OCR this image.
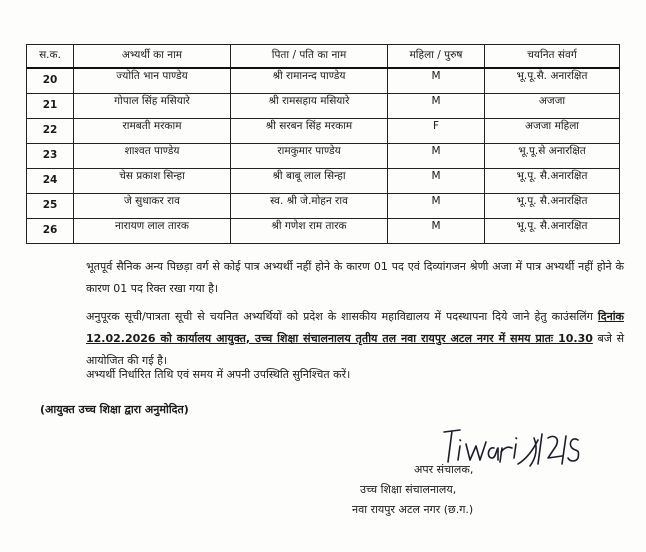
स.क.	अभ्यर्थी का नाम	पिता / पति का नाम	महिला / पुरुष	चयनित संवर्ग
20	ज्योति भान पाण्डेय	श्री रामानन्द पाण्डेय	M	भू.पू.सै. अनारक्षित

21	गोपाल सिंह मसियारे	श्री रामसहाय मसियारे	M	अजजा

22	रामबती मरकाम	श्री सरबन सिंह मरकाम	F	अजजा महिला

23	शाश्वत पाण्डेय	रामकुमार पाण्डेय	M	भू.पू.से अनारक्षित

24	चेस प्रकाश सिन्हा	श्री बाबू लाल सिन्हा	M	भू.पू. सै.अनारक्षित

25	जे सुधाकर राव	स्व. श्री जे.मोहन राव	M	भू.पू. सै.अनारक्षित

26	नारायण लाल तारक	श्री गणेश राम तारक	M	भू.पू. सै.अनारक्षित
भूतपूर्व सैनिक अन्य पिछड़ा वर्ग से कोई पात्र अभ्यर्थी नहीं होने के कारण 01 पद एवं दिव्यांगजन श्रेणी अजा में पात्र अभ्यर्थी नहीं होने के कारण 01 पद रिक्त रखा गया है।
अनुपूरक सूची/पात्रता सूची से चयनित अभ्यर्थियों को प्रदेश के शासकीय महाविद्यालय में पदस्थापना दिये जाने हेतु काउंसलिंग दिनांक 12.02.2026 को कार्यालय आयुक्त, उच्च शिक्षा संचालनालय तृतीय तल नवा रायपुर अटल नगर में समय प्रातः 10.30 बजे से आयोजित की गई है।
अभ्यर्थी निर्धारित तिथि एवं समय में अपनी उपस्थिति सुनिश्चित करें।
(आयुक्त उच्च शिक्षा द्वारा अनुमोदित)
अपर संचालक,
उच्च शिक्षा संचालनालय,
नवा रायपुर अटल नगर (छ.ग.)
